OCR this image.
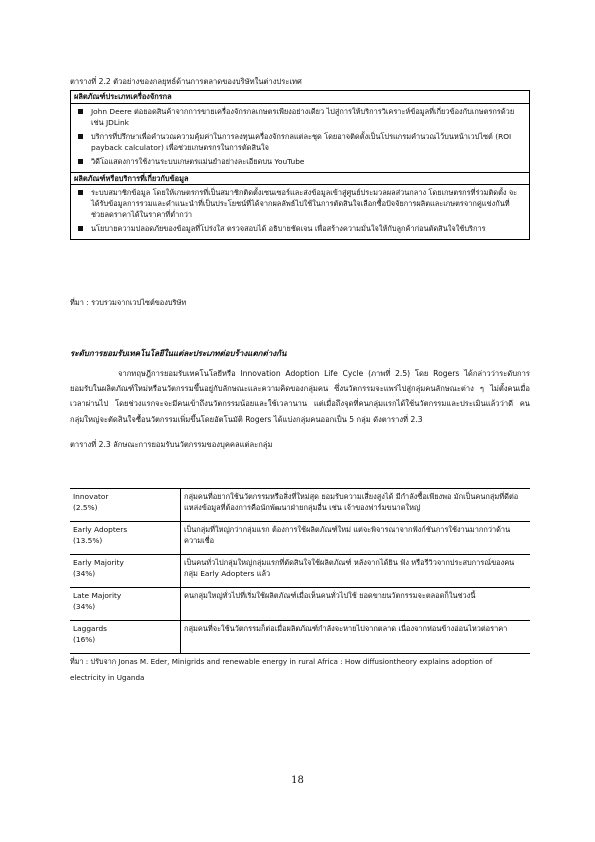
ตารางที่ 2.2 ตัวอย่างของกลยุทธ์ด้านการตลาดของบริษัทในต่างประเทศ
ผลิตภัณฑ์ประเภทเครื่องจักรกล
John Deere ต่อยอดสินค้าจากการขายเครื่องจักรกลเกษตรเพียงอย่างเดียว ไปสู่การให้บริการวิเคราะห์ข้อมูลที่เกี่ยวข้องกับเกษตรกรด้วย เช่น JDLink
บริการที่ปรึกษาเพื่อคำนวณความคุ้มค่าในการลงทุนเครื่องจักรกลแต่ละชุด โดยอาจติดตั้งเป็นโปรแกรมคำนวณไว้บนหน้าเวปไซต์ (ROI payback calculator) เพื่อช่วยเกษตรกรในการตัดสินใจ
วิดีโอแสดงการใช้งานระบบเกษตรแม่นยำอย่างละเอียดบน YouTube
ผลิตภัณฑ์หรือบริการที่เกี่ยวกับข้อมูล
ระบบสมาชิกข้อมูล โดยให้เกษตรกรที่เป็นสมาชิกติดตั้งเซนเซอร์และส่งข้อมูลเข้าสู่ศูนย์ประมวลผลส่วนกลาง โดยเกษตรกรที่ร่วมติดตั้ง จะได้รับข้อมูลการรวมและคำแนะนำที่เป็นประโยชน์ที่ได้จากผลลัพธ์ไปใช้ในการตัดสินใจเลือกซื้อปัจจัยการผลิตและเกษตรจากคู่แข่งกันที่ช่วยลดราคาได้ในราคาที่ต่ำกว่า
นโยบายความปลอดภัยของข้อมูลที่โปร่งใส ตรวจสอบได้ อธิบายชัดเจน เพื่อสร้างความมั่นใจให้กับลูกค้าก่อนตัดสินใจใช้บริการ
ที่มา : รวบรวมจากเวปไซต์ของบริษัท
ระดับการยอมรับเทคโนโลยีในแต่ละประเภทต่อบร้างแตกต่างกัน
จากทฤษฎีการยอมรับเทคโนโลยีหรือ Innovation Adoption Life Cycle (ภาพที่ 2.5) โดย Rogers ได้กล่าวว่าระดับการยอมรับในผลิตภัณฑ์ใหม่หรือนวัตกรรมขึ้นอยู่กับลักษณะและความคิดของกลุ่มคน ซึ่งนวัตกรรมจะแพร่ไปสู่กลุ่มคนลักษณะต่าง ๆ ไม่ตั้งคนเมื่อเวลาผ่านไป โดยช่วงแรกจะจะมีคนเข้าถึงนวัตกรรมน้อยและใช้เวลานาน แต่เมื่อถึงจุดที่คนกลุ่มแรกได้ใช้นวัตกรรมและประเมินแล้วว่าดี คนกลุ่มใหญ่จะตัดสินใจซื้อนวัตกรรมเพิ่มขึ้นโดยอัตโนมัติ Rogers ได้แบ่งกลุ่มคนออกเป็น 5 กลุ่ม ดังตารางที่ 2.3
ตารางที่ 2.3 ลักษณะการยอมรับนวัตกรรมของบุคคลแต่ละกลุ่ม
Innovator
(2.5%)	กลุ่มคนที่อยากใช้นวัตกรรมหรือสิ่งที่ใหม่สุด ยอมรับความเสี่ยงสูงได้ มีกำลังซื้อเพียงพอ มักเป็นคนกลุ่มที่ดีต่อแหล่งข้อมูลที่ต้องการคือนักพัฒนาฝ่ายกลุ่มอื่น เช่น เจ้าของฟาร์มขนาดใหญ่

Early Adopters
(13.5%)	เป็นกลุ่มที่ใหญ่กว่ากลุ่มแรก ต้องการใช้ผลิตภัณฑ์ใหม่ แต่จะพิจารณาจากฟังก์ชันการใช้งานมากกว่าด้านความเชื่อ

Early Majority
(34%)	เป็นคนทั่วไปกลุ่มใหญ่กลุ่มแรกที่ตัดสินใจใช้ผลิตภัณฑ์ หลังจากได้ยิน ฟัง หรือรีวิวจากประสบการณ์ของคนกลุ่ม Early Adopters แล้ว

Late Majority
(34%)	คนกลุ่มใหญ่ทั่วไปที่เริ่มใช้ผลิตภัณฑ์เมื่อเห็นคนทั่วไปใช้ ยอดขายนวัตกรรมจะตลอดก็ในช่วงนี้

Laggards
(16%)	กลุ่มคนที่จะใช้นวัตกรรมก็ต่อเมื่อผลิตภัณฑ์กำลังจะหายไปจากตลาด เนื่องจากห่อนข้างอ่อนไหวต่อราคา
ที่มา : ปรับจาก Jonas M. Eder, Minigrids and renewable energy in rural Africa : How diffusiontheory explains adoption of electricity in Uganda
18
